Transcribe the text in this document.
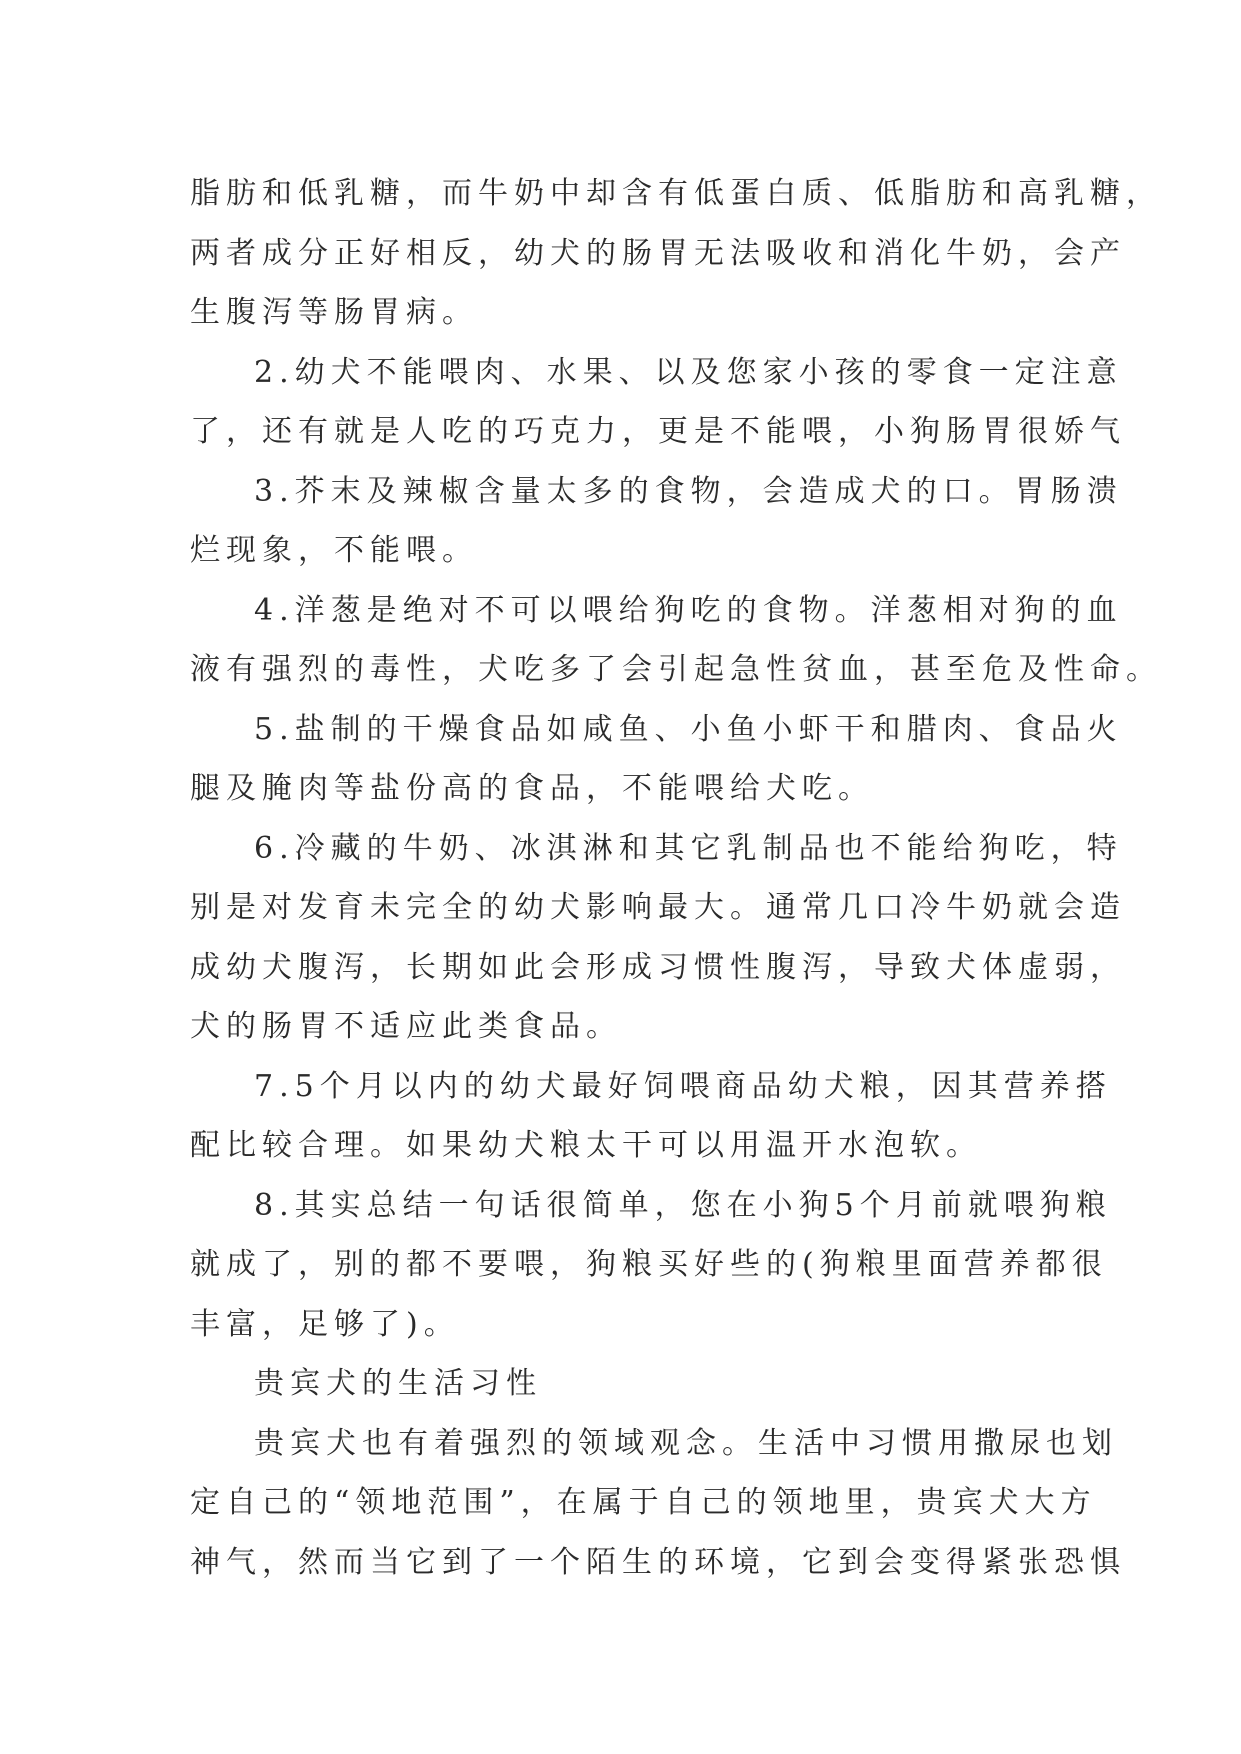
脂肪和低乳糖，而牛奶中却含有低蛋白质、低脂肪和高乳糖，
两者成分正好相反，幼犬的肠胃无法吸收和消化牛奶，会产
生腹泻等肠胃病。
2.幼犬不能喂肉、水果、以及您家小孩的零食一定注意
了，还有就是人吃的巧克力，更是不能喂，小狗肠胃很娇气
3.芥末及辣椒含量太多的食物，会造成犬的口。胃肠溃
烂现象，不能喂。
4.洋葱是绝对不可以喂给狗吃的食物。洋葱相对狗的血
液有强烈的毒性，犬吃多了会引起急性贫血，甚至危及性命。
5.盐制的干燥食品如咸鱼、小鱼小虾干和腊肉、食品火
腿及腌肉等盐份高的食品，不能喂给犬吃。
6.冷藏的牛奶、冰淇淋和其它乳制品也不能给狗吃，特
别是对发育未完全的幼犬影响最大。通常几口冷牛奶就会造
成幼犬腹泻，长期如此会形成习惯性腹泻，导致犬体虚弱，
犬的肠胃不适应此类食品。
7.5个月以内的幼犬最好饲喂商品幼犬粮，因其营养搭
配比较合理。如果幼犬粮太干可以用温开水泡软。
8.其实总结一句话很简单，您在小狗5个月前就喂狗粮
就成了，别的都不要喂，狗粮买好些的(狗粮里面营养都很
丰富，足够了)。
贵宾犬的生活习性
贵宾犬也有着强烈的领域观念。生活中习惯用撒尿也划
定自己的“领地范围”，在属于自己的领地里，贵宾犬大方
神气，然而当它到了一个陌生的环境，它到会变得紧张恐惧
